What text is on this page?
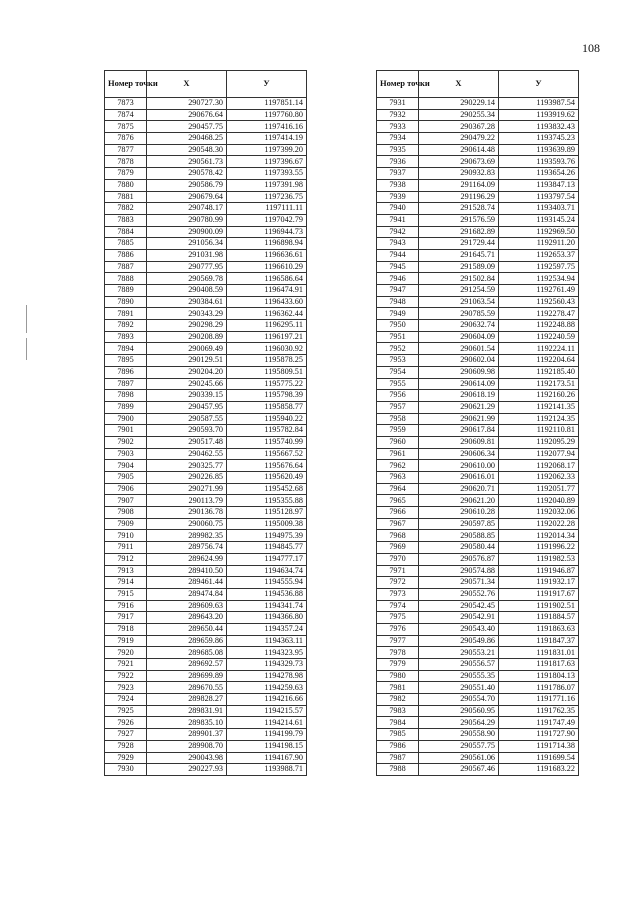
108
Номер точки	X	У
7873	290727.30	1197851.14
7874	290676.64	1197760.80
7875	290457.75	1197416.16
7876	290468.25	1197414.19
7877	290548.30	1197399.20
7878	290561.73	1197396.67
7879	290578.42	1197393.55
7880	290586.79	1197391.98
7881	290679.64	1197236.75
7882	290748.17	1197111.11
7883	290780.99	1197042.79
7884	290900.09	1196944.73
7885	291056.34	1196898.94
7886	291031.98	1196636.61
7887	290777.95	1196610.29
7888	290569.78	1196586.64
7889	290408.59	1196474.91
7890	290384.61	1196433.60
7891	290343.29	1196362.44
7892	290298.29	1196295.11
7893	290208.89	1196197.21
7894	290069.49	1196030.92
7895	290129.51	1195878.25
7896	290204.20	1195809.51
7897	290245.66	1195775.22
7898	290339.15	1195798.39
7899	290457.95	1195858.77
7900	290587.55	1195940.22
7901	290593.70	1195782.84
7902	290517.48	1195740.99
7903	290462.55	1195667.52
7904	290325.77	1195676.64
7905	290226.85	1195620.49
7906	290271.99	1195452.68
7907	290113.79	1195355.88
7908	290136.78	1195128.97
7909	290060.75	1195009.38
7910	289982.35	1194975.39
7911	289756.74	1194845.77
7912	289624.99	1194777.17
7913	289410.50	1194634.74
7914	289461.44	1194555.94
7915	289474.84	1194536.88
7916	289609.63	1194341.74
7917	289643.20	1194366.80
7918	289650.44	1194357.24
7919	289659.86	1194363.11
7920	289685.08	1194323.95
7921	289692.57	1194329.73
7922	289699.89	1194278.98
7923	289670.55	1194259.63
7924	289828.27	1194216.66
7925	289831.91	1194215.57
7926	289835.10	1194214.61
7927	289901.37	1194199.79
7928	289908.70	1194198.15
7929	290043.98	1194167.90
7930	290227.93	1193988.71
Номер точки	X	У
7931	290229.14	1193987.54
7932	290255.34	1193919.62
7933	290367.28	1193832.43
7934	290479.22	1193745.23
7935	290614.48	1193639.89
7936	290673.69	1193593.76
7937	290932.83	1193654.26
7938	291164.09	1193847.13
7939	291196.29	1193797.54
7940	291528.74	1193403.71
7941	291576.59	1193145.24
7942	291682.89	1192969.50
7943	291729.44	1192911.20
7944	291645.71	1192653.37
7945	291589.09	1192597.75
7946	291502.84	1192534.94
7947	291254.59	1192761.49
7948	291063.54	1192560.43
7949	290785.59	1192278.47
7950	290632.74	1192248.88
7951	290604.09	1192240.59
7952	290601.54	1192224.11
7953	290602.04	1192204.64
7954	290609.98	1192185.40
7955	290614.09	1192173.51
7956	290618.19	1192160.26
7957	290621.29	1192141.35
7958	290621.99	1192124.35
7959	290617.84	1192110.81
7960	290609.81	1192095.29
7961	290606.34	1192077.94
7962	290610.00	1192068.17
7963	290616.01	1192062.33
7964	290620.71	1192051.77
7965	290621.20	1192040.89
7966	290610.28	1192032.06
7967	290597.85	1192022.28
7968	290588.85	1192014.34
7969	290580.44	1191996.22
7970	290576.87	1191982.53
7971	290574.88	1191946.87
7972	290571.34	1191932.17
7973	290552.76	1191917.67
7974	290542.45	1191902.51
7975	290542.91	1191884.57
7976	290543.40	1191863.63
7977	290549.86	1191847.37
7978	290553.21	1191831.01
7979	290556.57	1191817.63
7980	290555.35	1191804.13
7981	290551.40	1191786.07
7982	290554.70	1191771.16
7983	290560.95	1191762.35
7984	290564.29	1191747.49
7985	290558.90	1191727.90
7986	290557.75	1191714.38
7987	290561.06	1191699.54
7988	290567.46	1191683.22
